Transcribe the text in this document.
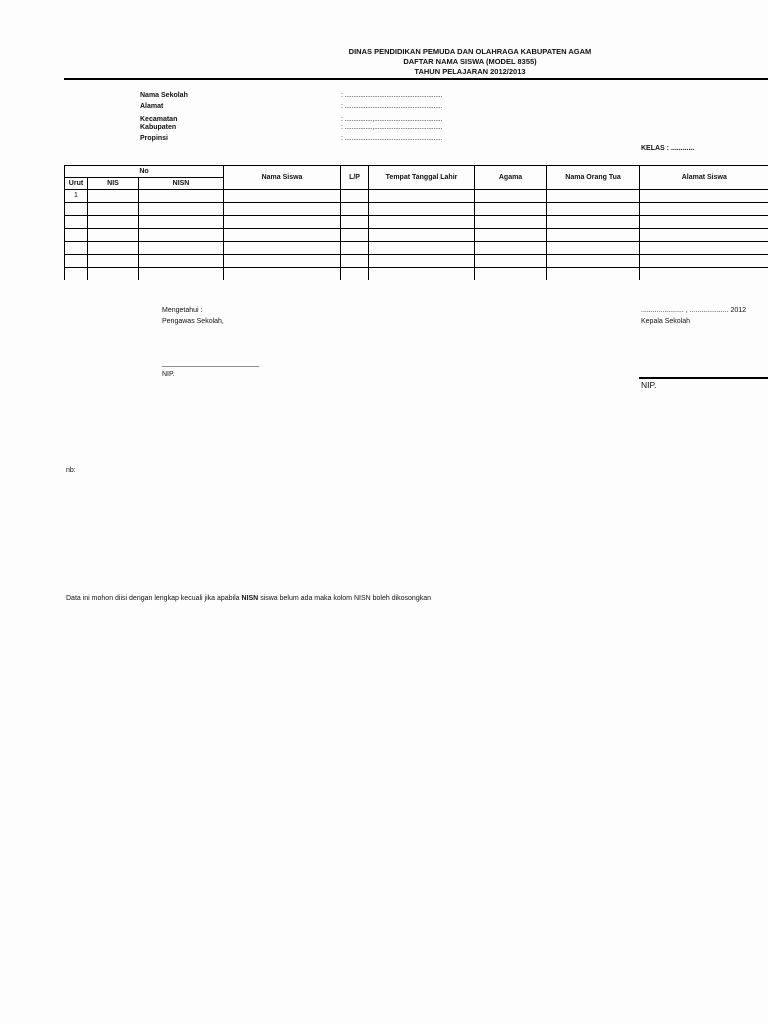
DINAS PENDIDIKAN PEMUDA DAN OLAHRAGA KABUPATEN AGAM
DAFTAR NAMA SISWA (MODEL 8355)
TAHUN PELAJARAN 2012/2013
Nama Sekolah	: ........................................................
Alamat	: ........................................................
Kecamatan	: ................,.......................................
Kabupaten	: ................,.......................................
Propinsi	: ........................................................
KELAS : ............
No			Nama Siswa	L/P	Tempat Tanggal Lahir	Agama	Nama Orang Tua	Alamat Siswa
Urut	NIS	NISN						
1								

Mengetahui :
Pengawas Sekolah,
_________________________
NIP.
...................... , .................... 2012
Kepala Sekolah
NIP.
nb:
Data ini mohon diisi dengan lengkap kecuali jika apabila NISN siswa belum ada maka kolom NISN boleh dikosongkan
